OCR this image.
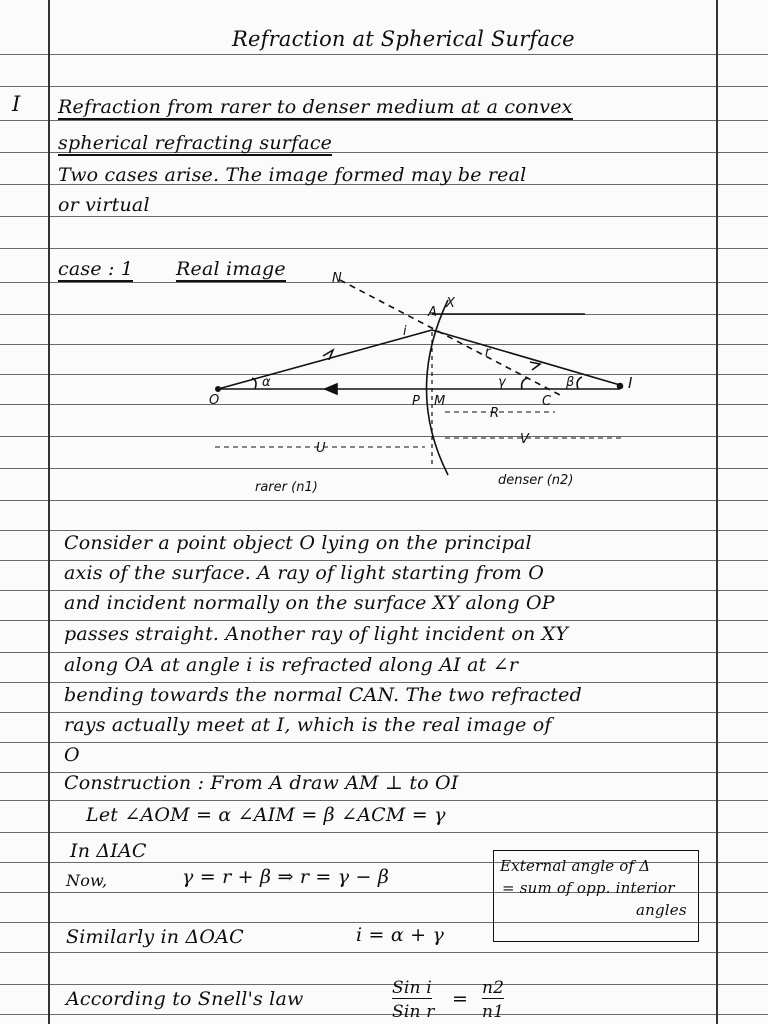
Refraction at Spherical Surface
I Refraction from rarer to denser medium at a convex
spherical refracting surface
Two cases arise. The image formed may be real
or virtual
case : 1 Real image	N
A
X
i
r
α	γ	β
O	P M	C
I
R
U
V
rarer (n1)	denser (n2)
Consider a point object O lying on the principal
axis of the surface. A ray of light starting from O
and incident normally on the surface XY along OP
passes straight. Another ray of light incident on XY
along OA at angle i is refracted along AI at ∠r
bending towards the normal CAN. The two refracted
rays actually meet at I, which is the real image of
O
Construction : From A draw AM ⊥ to OI
Let ∠AOM = α ∠AIM = β ∠ACM = γ
In ΔIAC
Now,	γ = r + β ⇒ r = γ − β	External angle of Δ
= sum of opp. interior
angles
Similarly in ΔOAC	i = α + γ
According to Snell's law	Sin i
Sin r
= n2
n1
